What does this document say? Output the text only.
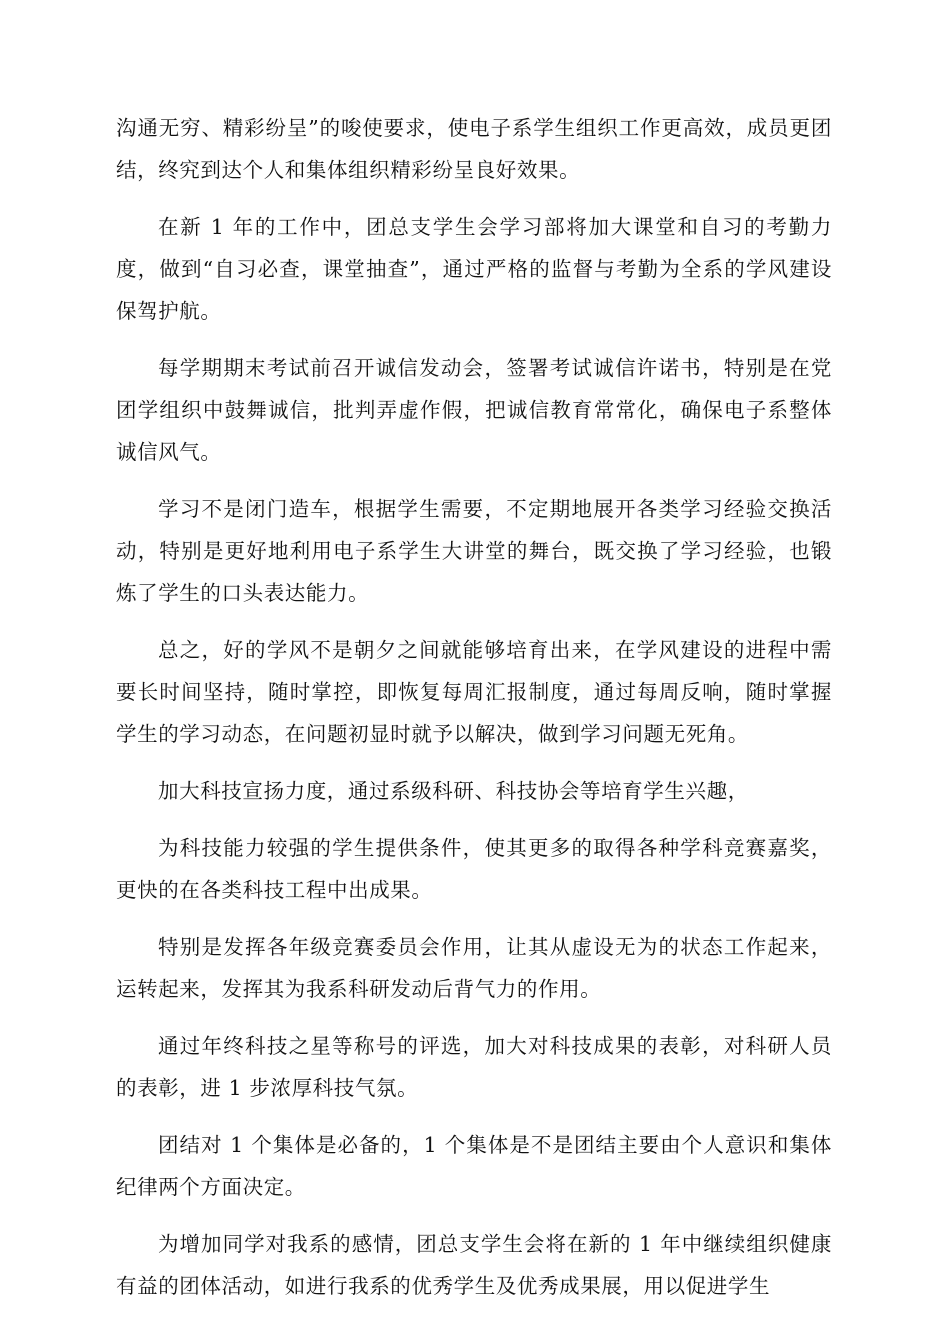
沟通无穷、精彩纷呈”的唆使要求，使电子系学生组织工作更高效，成员更团结，终究到达个人和集体组织精彩纷呈良好效果。

在新 1 年的工作中，团总支学生会学习部将加大课堂和自习的考勤力度，做到“自习必查，课堂抽查”，通过严格的监督与考勤为全系的学风建设保驾护航。

每学期期末考试前召开诚信发动会，签署考试诚信许诺书，特别是在党团学组织中鼓舞诚信，批判弄虚作假，把诚信教育常常化，确保电子系整体诚信风气。

学习不是闭门造车，根据学生需要，不定期地展开各类学习经验交换活动，特别是更好地利用电子系学生大讲堂的舞台，既交换了学习经验，也锻炼了学生的口头表达能力。

总之，好的学风不是朝夕之间就能够培育出来，在学风建设的进程中需要长时间坚持，随时掌控，即恢复每周汇报制度，通过每周反响，随时掌握学生的学习动态，在问题初显时就予以解决，做到学习问题无死角。

加大科技宣扬力度，通过系级科研、科技协会等培育学生兴趣，

为科技能力较强的学生提供条件，使其更多的取得各种学科竞赛嘉奖，更快的在各类科技工程中出成果。

特别是发挥各年级竞赛委员会作用，让其从虚设无为的状态工作起来，运转起来，发挥其为我系科研发动后背气力的作用。

通过年终科技之星等称号的评选，加大对科技成果的表彰，对科研人员的表彰，进 1 步浓厚科技气氛。

团结对 1 个集体是必备的，1 个集体是不是团结主要由个人意识和集体纪律两个方面决定。

为增加同学对我系的感情，团总支学生会将在新的 1 年中继续组织健康有益的团体活动，如进行我系的优秀学生及优秀成果展，用以促进学生
